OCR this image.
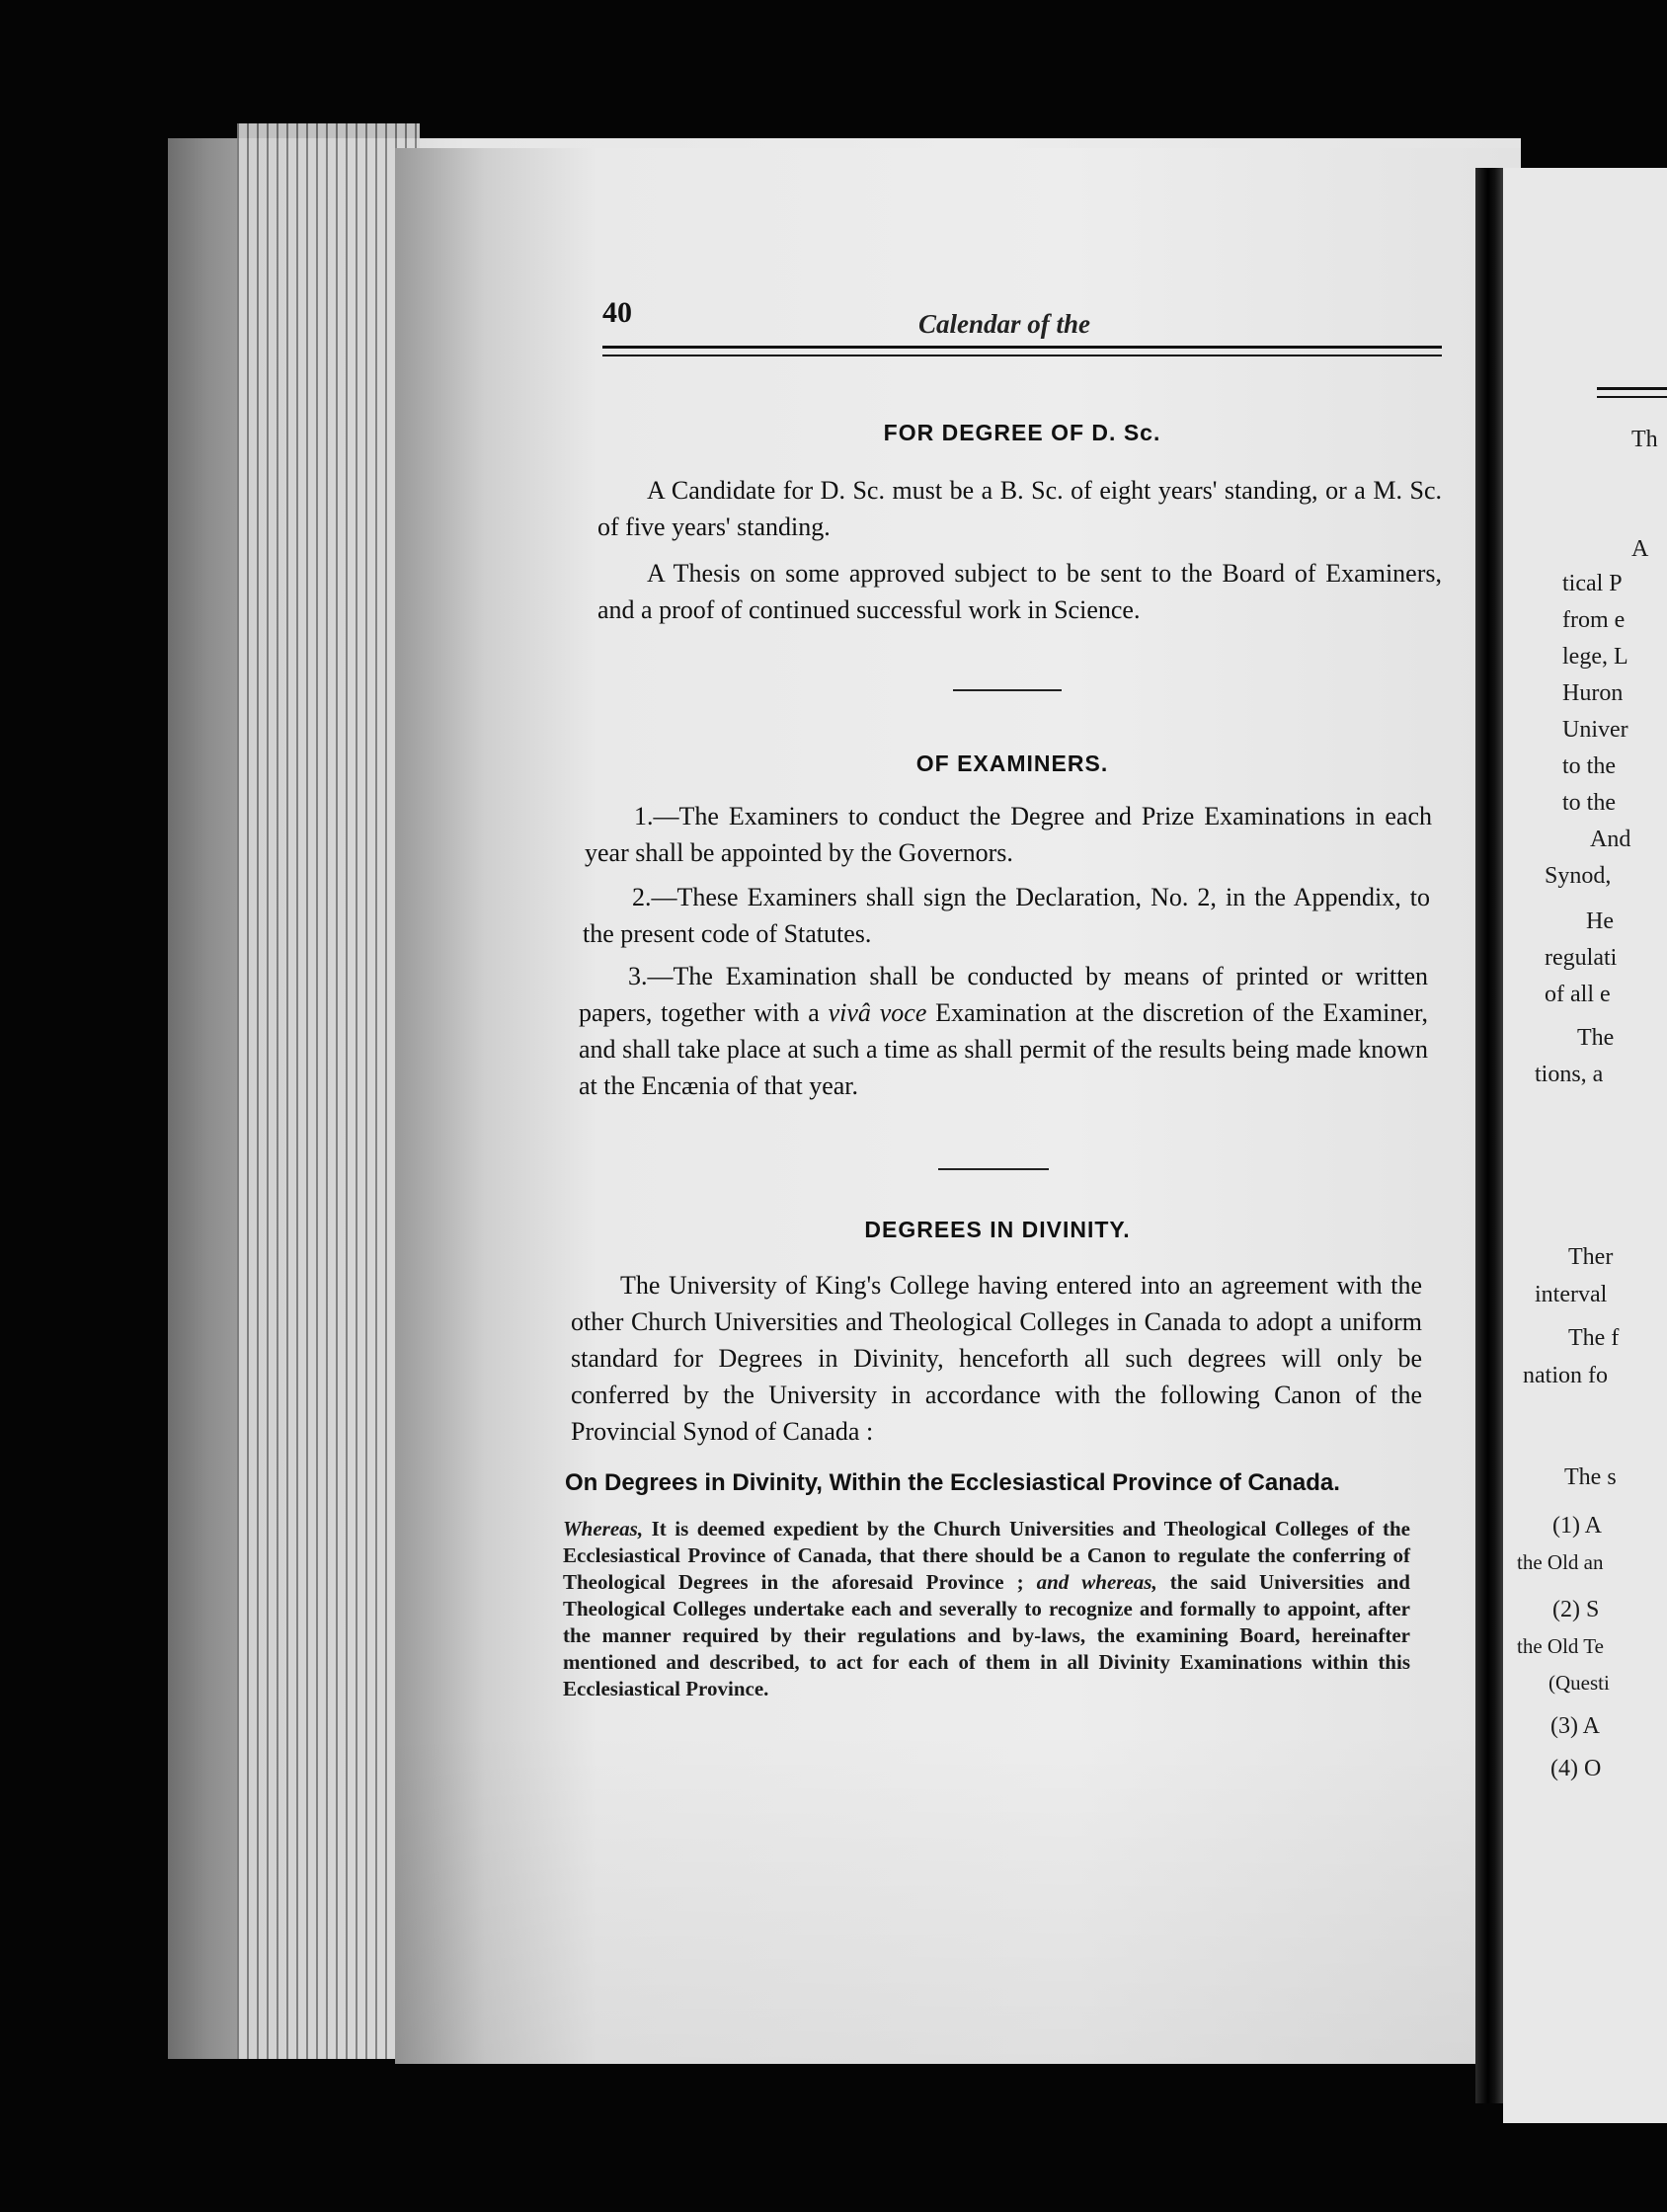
40	Calendar of the
FOR DEGREE OF D. Sc.
A Candidate for D. Sc. must be a B. Sc. of eight years' standing, or a M. Sc. of five years' standing.
A Thesis on some approved subject to be sent to the Board of Examiners, and a proof of continued successful work in Science.
OF EXAMINERS.
1.—The Examiners to conduct the Degree and Prize Examinations in each year shall be appointed by the Governors.
2.—These Examiners shall sign the Declaration, No. 2, in the Appendix, to the present code of Statutes.
3.—The Examination shall be conducted by means of printed or written papers, together with a vivâ voce Examination at the discretion of the Examiner, and shall take place at such a time as shall permit of the results being made known at the Encænia of that year.
DEGREES IN DIVINITY.
The University of King's College having entered into an agreement with the other Church Universities and Theological Colleges in Canada to adopt a uniform standard for Degrees in Divinity, henceforth all such degrees will only be conferred by the University in accordance with the following Canon of the Provincial Synod of Canada :
On Degrees in Divinity, Within the Ecclesiastical Province of Canada.
Whereas, It is deemed expedient by the Church Universities and Theological Colleges of the Ecclesiastical Province of Canada, that there should be a Canon to regulate the conferring of Theological Degrees in the aforesaid Province ; and whereas, the said Universities and Theological Colleges undertake each and severally to recognize and formally to appoint, after the manner required by their regulations and by-laws, the examining Board, hereinafter mentioned and described, to act for each of them in all Divinity Examinations within this Ecclesiastical Province.
Th
A
tical P
from e
lege, L
Huron
Univer
to the
to the
And
Synod,
He
regulati
of all e
The
tions, a
Ther
interval
The f
nation fo
The s
(1) A
the Old an
(2) S
the Old Te
(Questi
(3) A
(4) O
